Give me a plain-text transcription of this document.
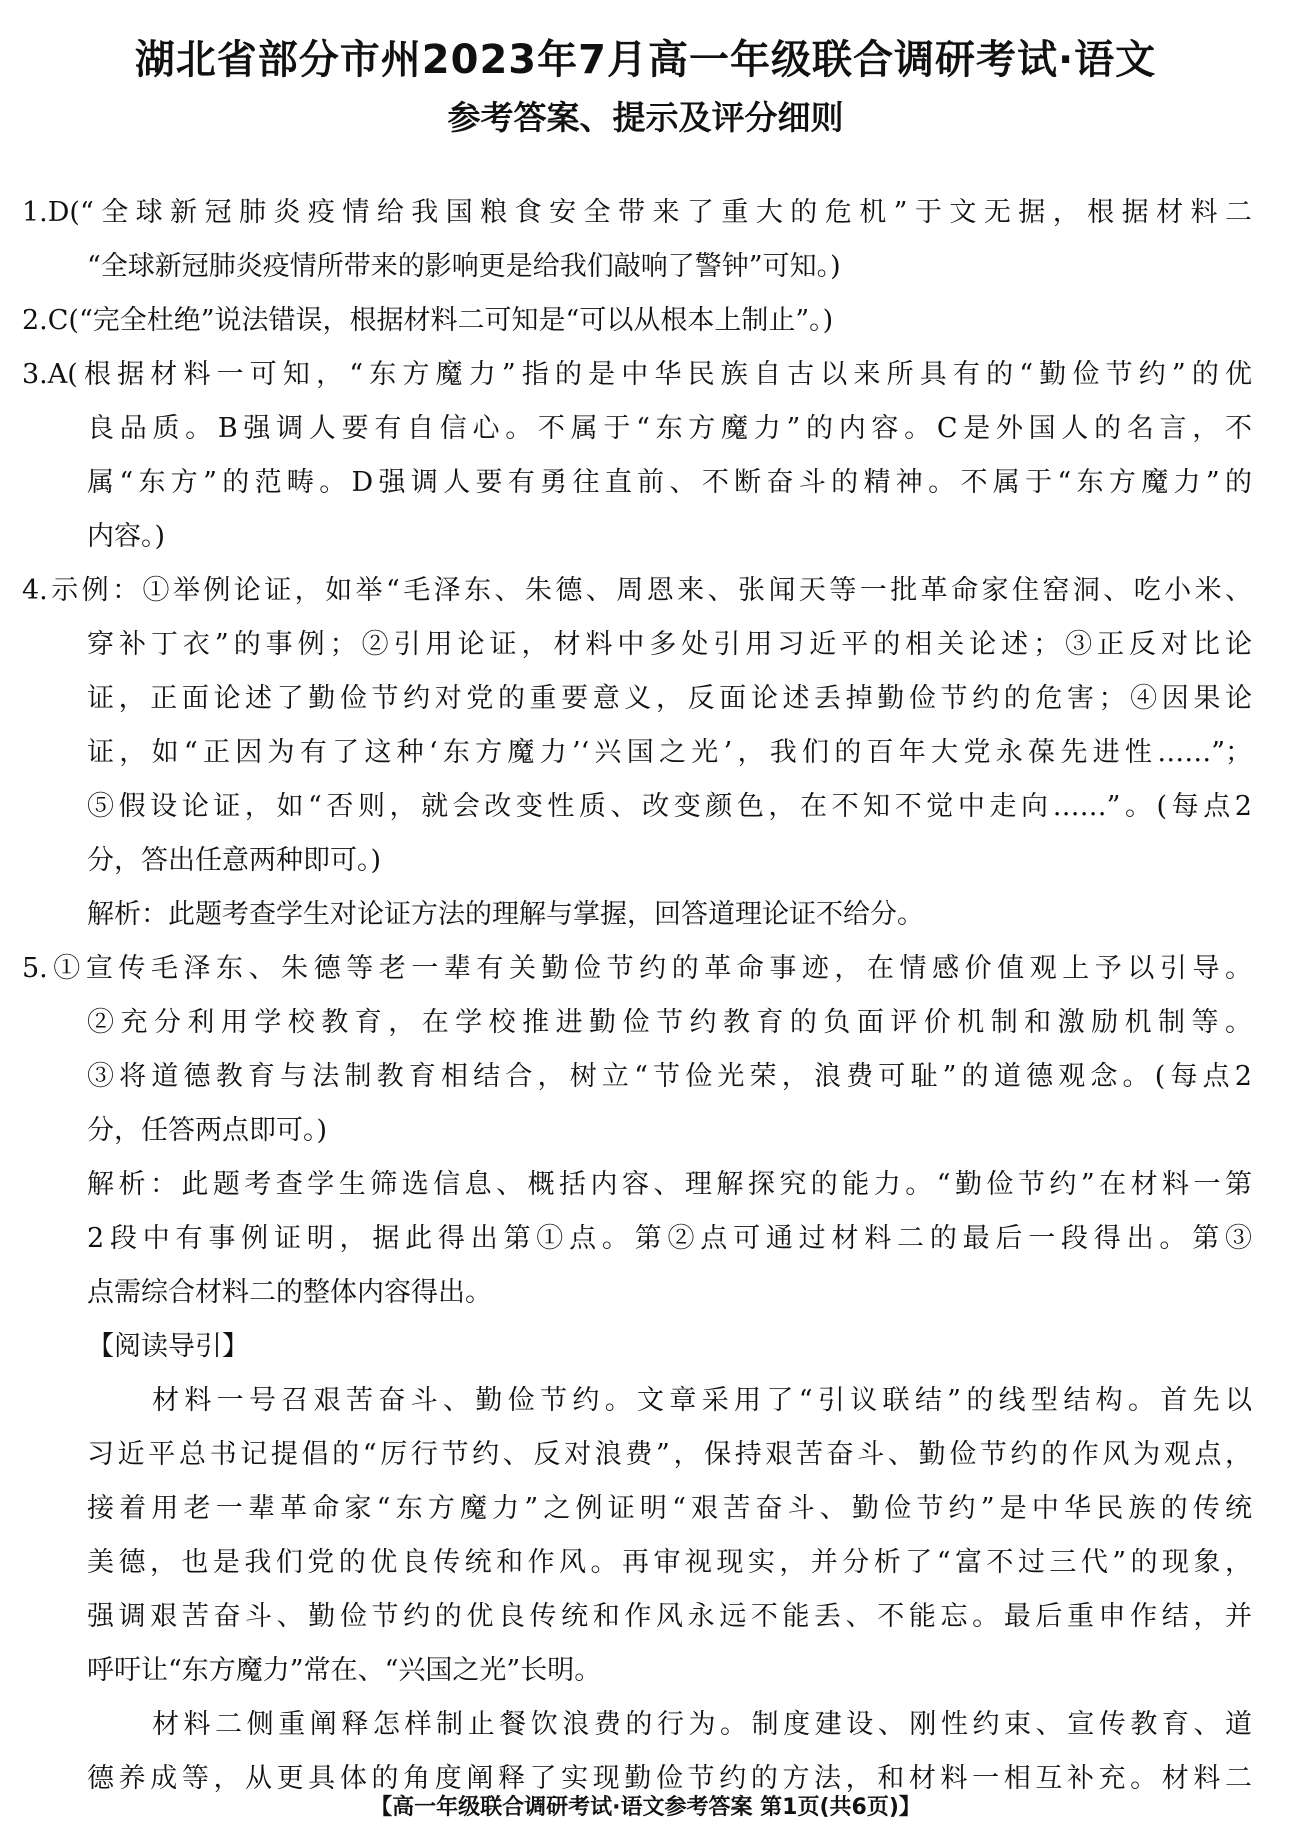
湖北省部分市州2023年7月高一年级联合调研考试·语文
参考答案、提示及评分细则
1.D(“全球新冠肺炎疫情给我国粮食安全带来了重大的危机”于文无据，根据材料二
“全球新冠肺炎疫情所带来的影响更是给我们敲响了警钟”可知。)
2.C(“完全杜绝”说法错误，根据材料二可知是“可以从根本上制止”。)
3.A(根据材料一可知，“东方魔力”指的是中华民族自古以来所具有的“勤俭节约”的优
良品质。B强调人要有自信心。不属于“东方魔力”的内容。C是外国人的名言，不
属“东方”的范畴。D强调人要有勇往直前、不断奋斗的精神。不属于“东方魔力”的
内容。)
4.示例：①举例论证，如举“毛泽东、朱德、周恩来、张闻天等一批革命家住窑洞、吃小米、
穿补丁衣”的事例；②引用论证，材料中多处引用习近平的相关论述；③正反对比论
证，正面论述了勤俭节约对党的重要意义，反面论述丢掉勤俭节约的危害；④因果论
证，如“正因为有了这种‘东方魔力’‘兴国之光’，我们的百年大党永葆先进性……”；
⑤假设论证，如“否则，就会改变性质、改变颜色，在不知不觉中走向……”。(每点2
分，答出任意两种即可。)
解析：此题考查学生对论证方法的理解与掌握，回答道理论证不给分。
5.①宣传毛泽东、朱德等老一辈有关勤俭节约的革命事迹，在情感价值观上予以引导。
②充分利用学校教育，在学校推进勤俭节约教育的负面评价机制和激励机制等。
③将道德教育与法制教育相结合，树立“节俭光荣，浪费可耻”的道德观念。(每点2
分，任答两点即可。)
解析：此题考查学生筛选信息、概括内容、理解探究的能力。“勤俭节约”在材料一第
2段中有事例证明，据此得出第①点。第②点可通过材料二的最后一段得出。第③
点需综合材料二的整体内容得出。
【阅读导引】
材料一号召艰苦奋斗、勤俭节约。文章采用了“引议联结”的线型结构。首先以
习近平总书记提倡的“厉行节约、反对浪费”，保持艰苦奋斗、勤俭节约的作风为观点，
接着用老一辈革命家“东方魔力”之例证明“艰苦奋斗、勤俭节约”是中华民族的传统
美德，也是我们党的优良传统和作风。再审视现实，并分析了“富不过三代”的现象，
强调艰苦奋斗、勤俭节约的优良传统和作风永远不能丢、不能忘。最后重申作结，并
呼吁让“东方魔力”常在、“兴国之光”长明。
材料二侧重阐释怎样制止餐饮浪费的行为。制度建设、刚性约束、宣传教育、道
德养成等，从更具体的角度阐释了实现勤俭节约的方法，和材料一相互补充。材料二
【高一年级联合调研考试·语文参考答案 第1页(共6页)】
